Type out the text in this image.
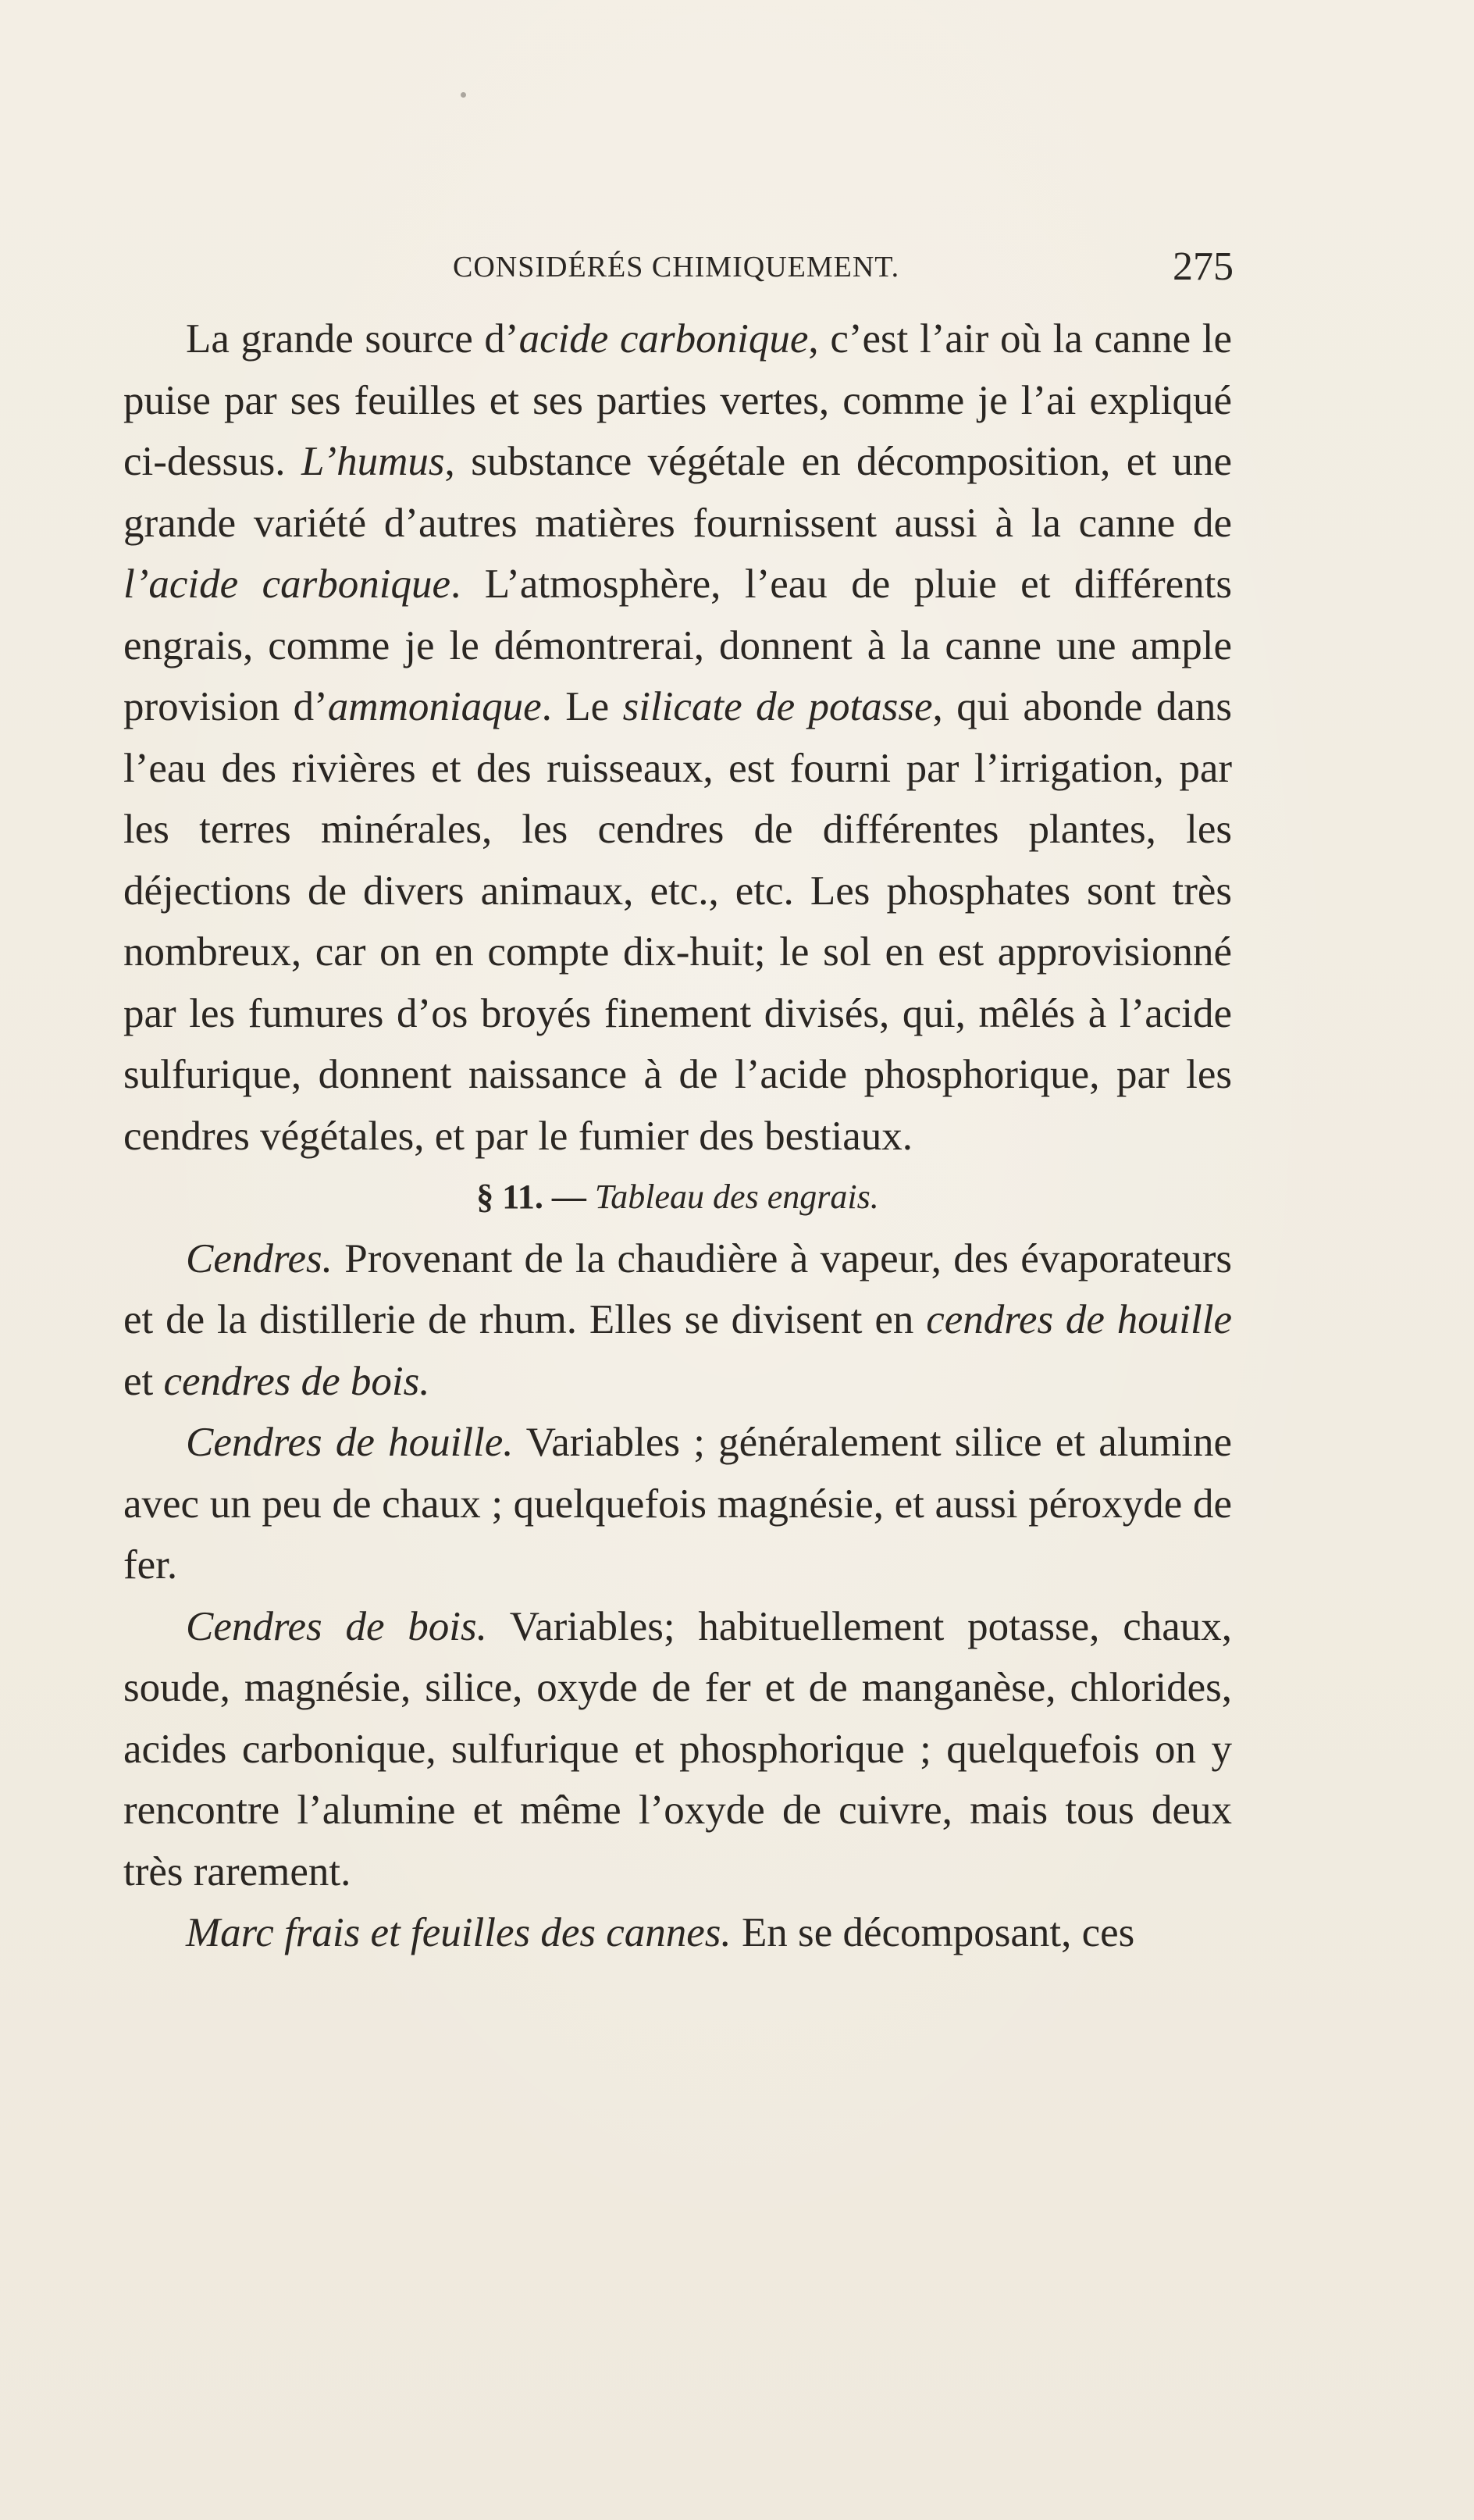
CONSIDÉRÉS CHIMIQUEMENT.	275

La grande source d’acide carbonique, c’est l’air où la canne le puise par ses feuilles et ses parties vertes, comme je l’ai expliqué ci-dessus. L’humus, substance végétale en décomposition, et une grande variété d’autres matières fournissent aussi à la canne de l’acide carbonique. L’atmosphère, l’eau de pluie et différents engrais, comme je le démontrerai, donnent à la canne une ample provision d’ammoniaque. Le silicate de potasse, qui abonde dans l’eau des rivières et des ruisseaux, est fourni par l’irrigation, par les terres minérales, les cendres de différentes plantes, les déjections de divers animaux, etc., etc. Les phosphates sont très nombreux, car on en compte dix-huit; le sol en est approvisionné par les fumures d’os broyés finement divisés, qui, mêlés à l’acide sulfurique, donnent naissance à de l’acide phosphorique, par les cendres végétales, et par le fumier des bestiaux.

§ 11. — Tableau des engrais.

Cendres. Provenant de la chaudière à vapeur, des évaporateurs et de la distillerie de rhum. Elles se divisent en cendres de houille et cendres de bois.

Cendres de houille. Variables ; généralement silice et alumine avec un peu de chaux ; quelquefois magnésie, et aussi péroxyde de fer.

Cendres de bois. Variables; habituellement potasse, chaux, soude, magnésie, silice, oxyde de fer et de manganèse, chlorides, acides carbonique, sulfurique et phosphorique ; quelquefois on y rencontre l’alumine et même l’oxyde de cuivre, mais tous deux très rarement.

Marc frais et feuilles des cannes. En se décomposant, ces
